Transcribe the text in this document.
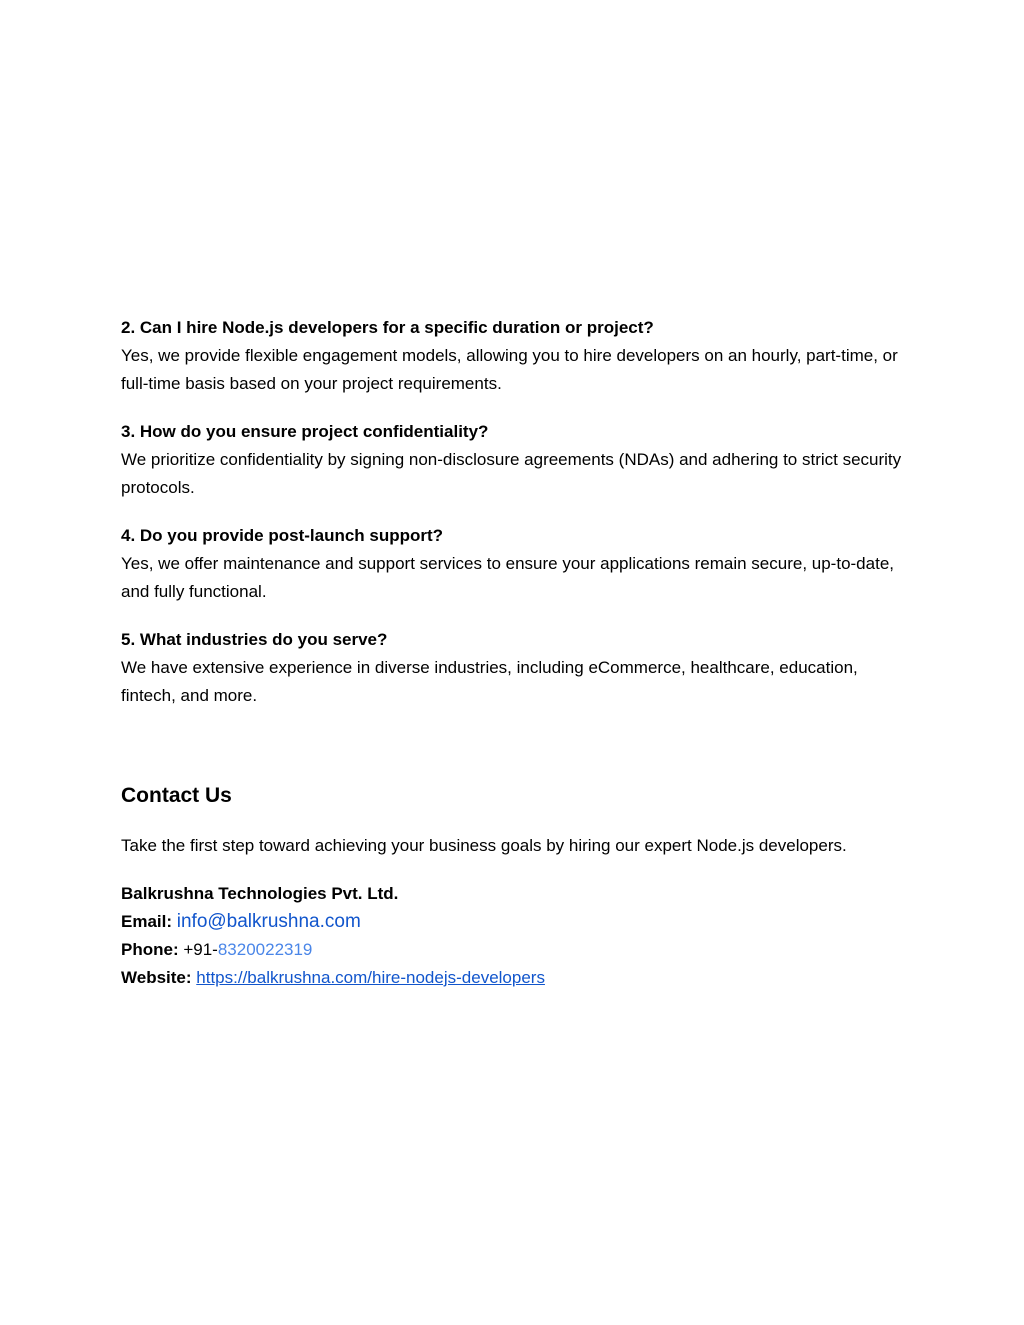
2. Can I hire Node.js developers for a specific duration or project?

Yes, we provide flexible engagement models, allowing you to hire developers on an hourly, part-time, or full-time basis based on your project requirements.

3. How do you ensure project confidentiality?

We prioritize confidentiality by signing non-disclosure agreements (NDAs) and adhering to strict security protocols.

4. Do you provide post-launch support?

Yes, we offer maintenance and support services to ensure your applications remain secure, up-to-date, and fully functional.

5. What industries do you serve?

We have extensive experience in diverse industries, including eCommerce, healthcare, education, fintech, and more.

Contact Us

Take the first step toward achieving your business goals by hiring our expert Node.js developers.

Balkrushna Technologies Pvt. Ltd.

Email: info@balkrushna.com

Phone: +91-8320022319

Website: https://balkrushna.com/hire-nodejs-developers
